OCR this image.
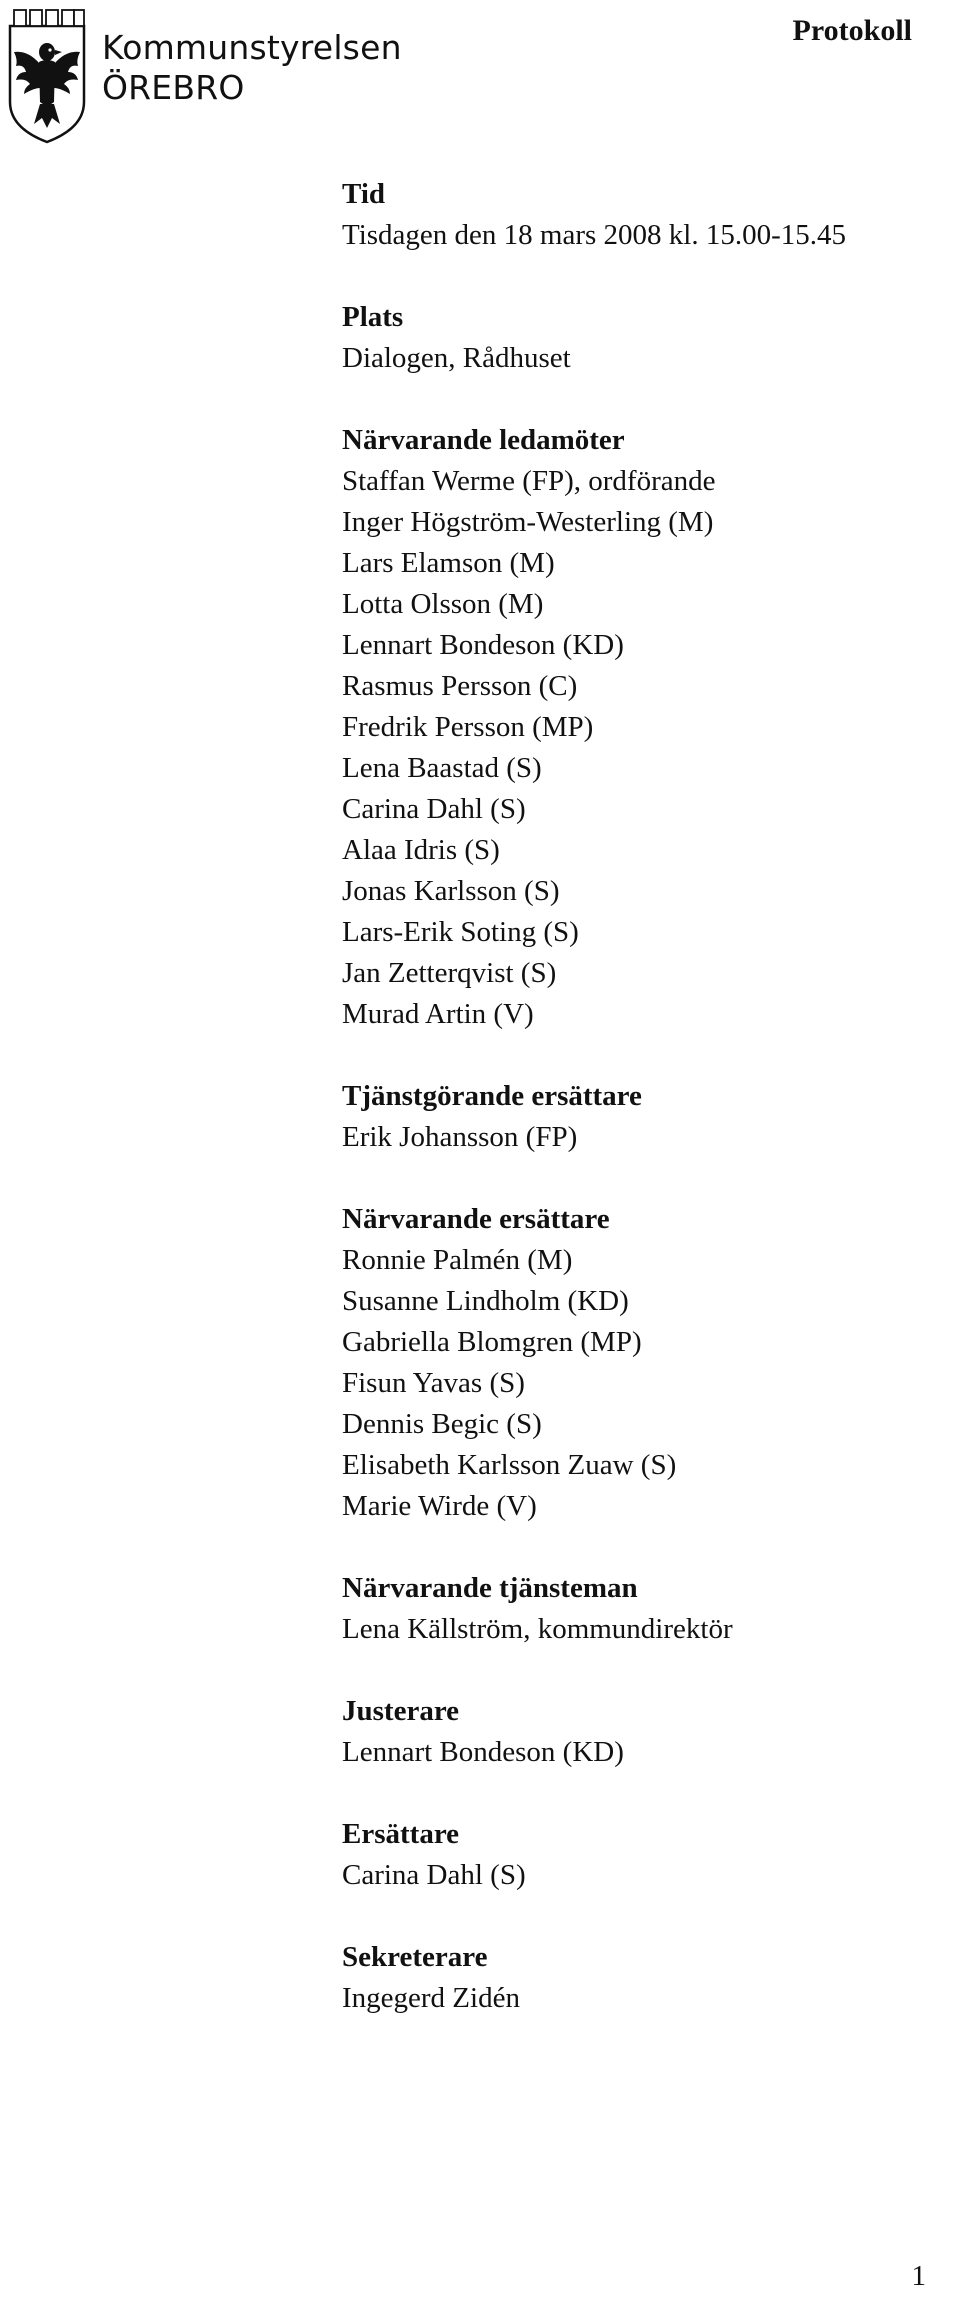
Kommunstyrelsen
ÖREBRO
Protokoll

Tid

Tisdagen den 18 mars 2008 kl. 15.00-15.45

Plats

Dialogen, Rådhuset

Närvarande ledamöter

Staffan Werme (FP), ordförande

Inger Högström-Westerling (M)

Lars Elamson (M)

Lotta Olsson (M)

Lennart Bondeson (KD)

Rasmus Persson (C)

Fredrik Persson (MP)

Lena Baastad (S)

Carina Dahl (S)

Alaa Idris (S)

Jonas Karlsson (S)

Lars-Erik Soting (S)

Jan Zetterqvist (S)

Murad Artin (V)

Tjänstgörande ersättare

Erik Johansson (FP)

Närvarande ersättare

Ronnie Palmén (M)

Susanne Lindholm (KD)

Gabriella Blomgren (MP)

Fisun Yavas (S)

Dennis Begic (S)

Elisabeth Karlsson Zuaw (S)

Marie Wirde (V)

Närvarande tjänsteman

Lena Källström, kommundirektör

Justerare

Lennart Bondeson (KD)

Ersättare

Carina Dahl (S)

Sekreterare

Ingegerd Zidén

1
